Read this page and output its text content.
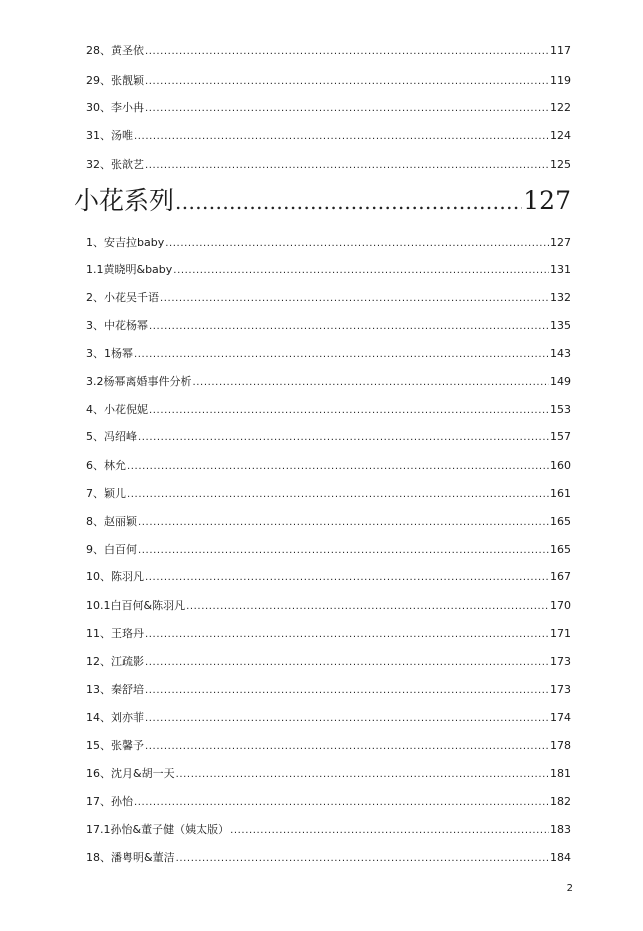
28、黄圣依 .....	117
29、张靓颖 .....	119
30、李小冉 .....	122
31、汤唯 .....	124
32、张歆艺 .....	125
小花系列 .....	127
1、安吉拉baby .....	127
1.1黄晓明&baby .....	131
2、小花吴千语 .....	132
3、中花杨幂 .....	135
3、1杨幂 .....	143
3.2杨幂离婚事件分析 .....	149
4、小花倪妮 .....	153
5、冯绍峰 .....	157
6、林允 .....	160
7、颖儿 .....	161
8、赵丽颖 .....	165
9、白百何 .....	165
10、陈羽凡 .....	167
10.1白百何&陈羽凡 .....	170
11、王珞丹 .....	171
12、江疏影 .....	173
13、秦舒培 .....	173
14、刘亦菲 .....	174
15、张馨予 .....	178
16、沈月&胡一天 .....	181
17、孙怡 .....	182
17.1孙怡&董子健（姨太版） .....	183
18、潘粤明&董洁 .....	184
2
